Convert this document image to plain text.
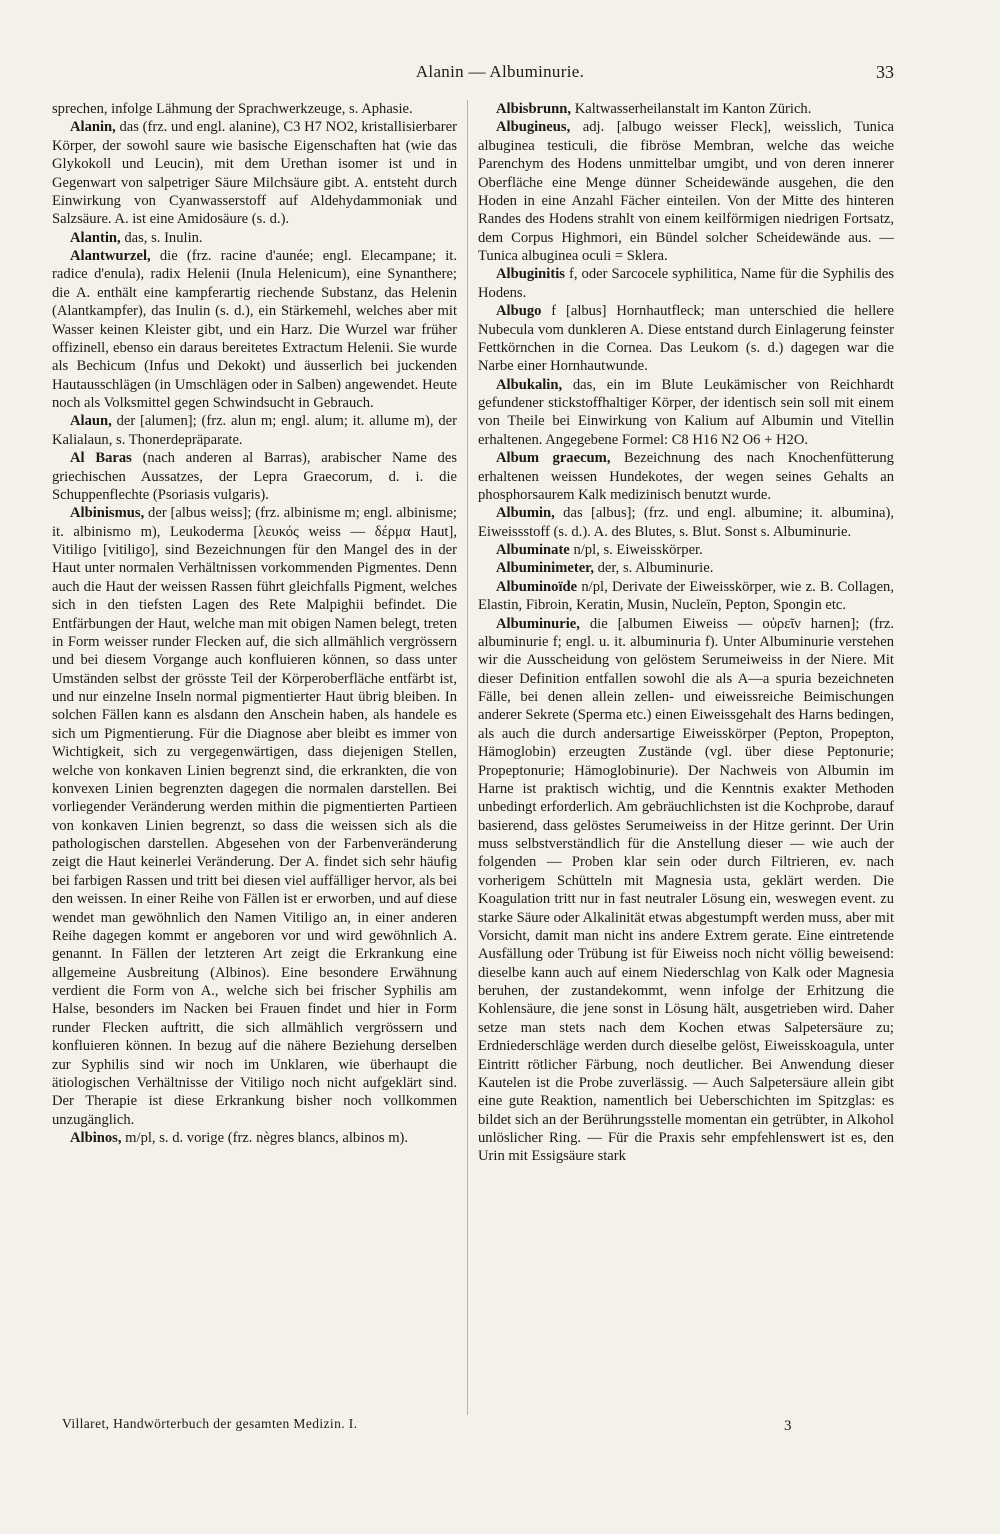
Alanin — Albuminurie.	33

sprechen, infolge Lähmung der Sprachwerkzeuge, s. Aphasie.

Alanin, das (frz. und engl. alanine), C3 H7 NO2, kristallisierbarer Körper, der sowohl saure wie basische Eigenschaften hat (wie das Glykokoll und Leucin), mit dem Urethan isomer ist und in Gegenwart von salpetriger Säure Milchsäure gibt. A. entsteht durch Einwirkung von Cyanwasserstoff auf Aldehydammoniak und Salzsäure. A. ist eine Amidosäure (s. d.).

Alantin, das, s. Inulin.

Alantwurzel, die (frz. racine d'aunée; engl. Elecampane; it. radice d'enula), radix Helenii (Inula Helenicum), eine Synanthere; die A. enthält eine kampferartig riechende Substanz, das Helenin (Alantkampfer), das Inulin (s. d.), ein Stärkemehl, welches aber mit Wasser keinen Kleister gibt, und ein Harz. Die Wurzel war früher offizinell, ebenso ein daraus bereitetes Extractum Helenii. Sie wurde als Bechicum (Infus und Dekokt) und äusserlich bei juckenden Hautausschlägen (in Umschlägen oder in Salben) angewendet. Heute noch als Volksmittel gegen Schwindsucht in Gebrauch.

Alaun, der [alumen]; (frz. alun m; engl. alum; it. allume m), der Kalialaun, s. Thonerdepräparate.

Al Baras (nach anderen al Barras), arabischer Name des griechischen Aussatzes, der Lepra Graecorum, d. i. die Schuppenflechte (Psoriasis vulgaris).

Albinismus, der [albus weiss]; (frz. albinisme m; engl. albinisme; it. albinismo m), Leukoderma [λευκός weiss — δέρμα Haut], Vitiligo [vitiligo], sind Bezeichnungen für den Mangel des in der Haut unter normalen Verhältnissen vorkommenden Pigmentes. Denn auch die Haut der weissen Rassen führt gleichfalls Pigment, welches sich in den tiefsten Lagen des Rete Malpighii befindet. Die Entfärbungen der Haut, welche man mit obigen Namen belegt, treten in Form weisser runder Flecken auf, die sich allmählich vergrössern und bei diesem Vorgange auch konfluieren können, so dass unter Umständen selbst der grösste Teil der Körperoberfläche entfärbt ist, und nur einzelne Inseln normal pigmentierter Haut übrig bleiben. In solchen Fällen kann es alsdann den Anschein haben, als handele es sich um Pigmentierung. Für die Diagnose aber bleibt es immer von Wichtigkeit, sich zu vergegenwärtigen, dass diejenigen Stellen, welche von konkaven Linien begrenzt sind, die erkrankten, die von konvexen Linien begrenzten dagegen die normalen darstellen. Bei vorliegender Veränderung werden mithin die pigmentierten Partieen von konkaven Linien begrenzt, so dass die weissen sich als die pathologischen darstellen. Abgesehen von der Farbenveränderung zeigt die Haut keinerlei Veränderung. Der A. findet sich sehr häufig bei farbigen Rassen und tritt bei diesen viel auffälliger hervor, als bei den weissen. In einer Reihe von Fällen ist er erworben, und auf diese wendet man gewöhnlich den Namen Vitiligo an, in einer anderen Reihe dagegen kommt er angeboren vor und wird gewöhnlich A. genannt. In Fällen der letzteren Art zeigt die Erkrankung eine allgemeine Ausbreitung (Albinos). Eine besondere Erwähnung verdient die Form von A., welche sich bei frischer Syphilis am Halse, besonders im Nacken bei Frauen findet und hier in Form runder Flecken auftritt, die sich allmählich vergrössern und konfluieren können. In bezug auf die nähere Beziehung derselben zur Syphilis sind wir noch im Unklaren, wie überhaupt die ätiologischen Verhältnisse der Vitiligo noch nicht aufgeklärt sind. Der Therapie ist diese Erkrankung bisher noch vollkommen unzugänglich.

Albinos, m/pl, s. d. vorige (frz. nègres blancs, albinos m).

Albisbrunn, Kaltwasserheilanstalt im Kanton Zürich.

Albugineus, adj. [albugo weisser Fleck], weisslich, Tunica albuginea testiculi, die fibröse Membran, welche das weiche Parenchym des Hodens unmittelbar umgibt, und von deren innerer Oberfläche eine Menge dünner Scheidewände ausgehen, die den Hoden in eine Anzahl Fächer einteilen. Von der Mitte des hinteren Randes des Hodens strahlt von einem keilförmigen niedrigen Fortsatz, dem Corpus Highmori, ein Bündel solcher Scheidewände aus. — Tunica albuginea oculi = Sklera.

Albuginitis f, oder Sarcocele syphilitica, Name für die Syphilis des Hodens.

Albugo f [albus] Hornhautfleck; man unterschied die hellere Nubecula vom dunkleren A. Diese entstand durch Einlagerung feinster Fettkörnchen in die Cornea. Das Leukom (s. d.) dagegen war die Narbe einer Hornhautwunde.

Albukalin, das, ein im Blute Leukämischer von Reichhardt gefundener stickstoffhaltiger Körper, der identisch sein soll mit einem von Theile bei Einwirkung von Kalium auf Albumin und Vitellin erhaltenen. Angegebene Formel: C8 H16 N2 O6 + H2O.

Album graecum, Bezeichnung des nach Knochenfütterung erhaltenen weissen Hundekotes, der wegen seines Gehalts an phosphorsaurem Kalk medizinisch benutzt wurde.

Albumin, das [albus]; (frz. und engl. albumine; it. albumina), Eiweissstoff (s. d.). A. des Blutes, s. Blut. Sonst s. Albuminurie.

Albuminate n/pl, s. Eiweisskörper.

Albuminimeter, der, s. Albuminurie.

Albuminoïde n/pl, Derivate der Eiweisskörper, wie z. B. Collagen, Elastin, Fibroin, Keratin, Musin, Nucleïn, Pepton, Spongin etc.

Albuminurie, die [albumen Eiweiss — οὐρεῖν harnen]; (frz. albuminurie f; engl. u. it. albuminuria f). Unter Albuminurie verstehen wir die Ausscheidung von gelöstem Serumeiweiss in der Niere. Mit dieser Definition entfallen sowohl die als A—a spuria bezeichneten Fälle, bei denen allein zellen- und eiweissreiche Beimischungen anderer Sekrete (Sperma etc.) einen Eiweissgehalt des Harns bedingen, als auch die durch andersartige Eiweisskörper (Pepton, Propepton, Hämoglobin) erzeugten Zustände (vgl. über diese Peptonurie; Propeptonurie; Hämoglobinurie). Der Nachweis von Albumin im Harne ist praktisch wichtig, und die Kenntnis exakter Methoden unbedingt erforderlich. Am gebräuchlichsten ist die Kochprobe, darauf basierend, dass gelöstes Serumeiweiss in der Hitze gerinnt. Der Urin muss selbstverständlich für die Anstellung dieser — wie auch der folgenden — Proben klar sein oder durch Filtrieren, ev. nach vorherigem Schütteln mit Magnesia usta, geklärt werden. Die Koagulation tritt nur in fast neutraler Lösung ein, weswegen event. zu starke Säure oder Alkalinität etwas abgestumpft werden muss, aber mit Vorsicht, damit man nicht ins andere Extrem gerate. Eine eintretende Ausfällung oder Trübung ist für Eiweiss noch nicht völlig beweisend: dieselbe kann auch auf einem Niederschlag von Kalk oder Magnesia beruhen, der zustandekommt, wenn infolge der Erhitzung die Kohlensäure, die jene sonst in Lösung hält, ausgetrieben wird. Daher setze man stets nach dem Kochen etwas Salpetersäure zu; Erdniederschläge werden durch dieselbe gelöst, Eiweisskoagula, unter Eintritt rötlicher Färbung, noch deutlicher. Bei Anwendung dieser Kautelen ist die Probe zuverlässig. — Auch Salpetersäure allein gibt eine gute Reaktion, namentlich bei Ueberschichten im Spitzglas: es bildet sich an der Berührungsstelle momentan ein getrübter, in Alkohol unlöslicher Ring. — Für die Praxis sehr empfehlenswert ist es, den Urin mit Essigsäure stark

Villaret, Handwörterbuch der gesamten Medizin. I.	3
